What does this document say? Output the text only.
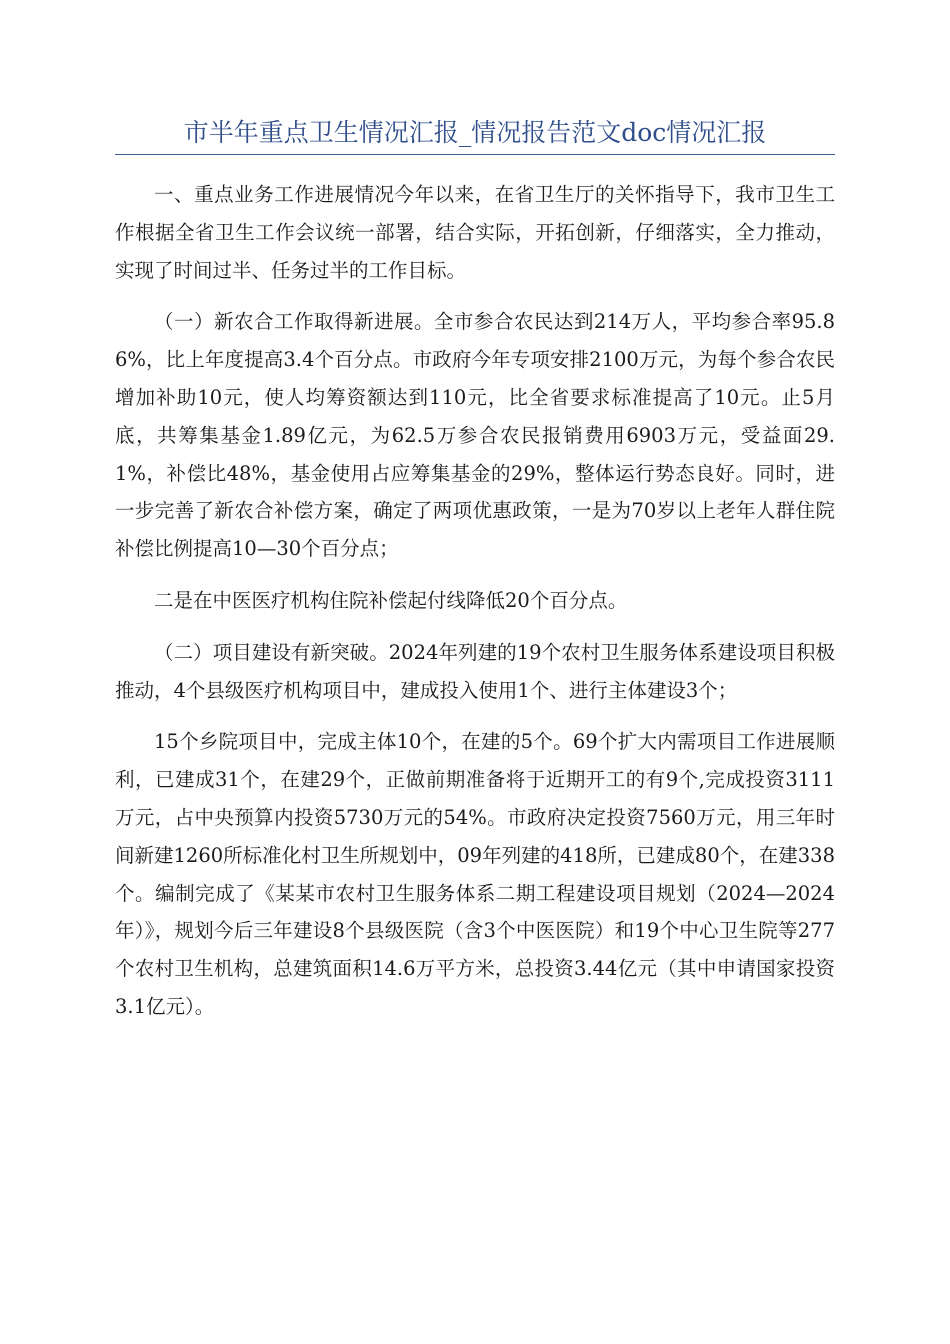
市半年重点卫生情况汇报_情况报告范文doc情况汇报

一、重点业务工作进展情况今年以来，在省卫生厅的关怀指导下，我市卫生工作根据全省卫生工作会议统一部署，结合实际，开拓创新，仔细落实，全力推动，实现了时间过半、任务过半的工作目标。

（一）新农合工作取得新进展。全市参合农民达到214万人，平均参合率95.86%，比上年度提高3.4个百分点。市政府今年专项安排2100万元，为每个参合农民增加补助10元，使人均筹资额达到110元，比全省要求标准提高了10元。止5月底，共筹集基金1.89亿元，为62.5万参合农民报销费用6903万元，受益面29.1%，补偿比48%，基金使用占应筹集基金的29%，整体运行势态良好。同时，进一步完善了新农合补偿方案，确定了两项优惠政策，一是为70岁以上老年人群住院补偿比例提高10—30个百分点；

二是在中医医疗机构住院补偿起付线降低20个百分点。

（二）项目建设有新突破。2024年列建的19个农村卫生服务体系建设项目积极推动，4个县级医疗机构项目中，建成投入使用1个、进行主体建设3个；

15个乡院项目中，完成主体10个，在建的5个。69个扩大内需项目工作进展顺利，已建成31个，在建29个，正做前期准备将于近期开工的有9个,完成投资3111万元，占中央预算内投资5730万元的54%。市政府决定投资7560万元，用三年时间新建1260所标准化村卫生所规划中，09年列建的418所，已建成80个，在建338个。编制完成了《某某市农村卫生服务体系二期工程建设项目规划（2024—2024年）》，规划今后三年建设8个县级医院（含3个中医医院）和19个中心卫生院等277个农村卫生机构，总建筑面积14.6万平方米，总投资3.44亿元（其中申请国家投资3.1亿元）。
